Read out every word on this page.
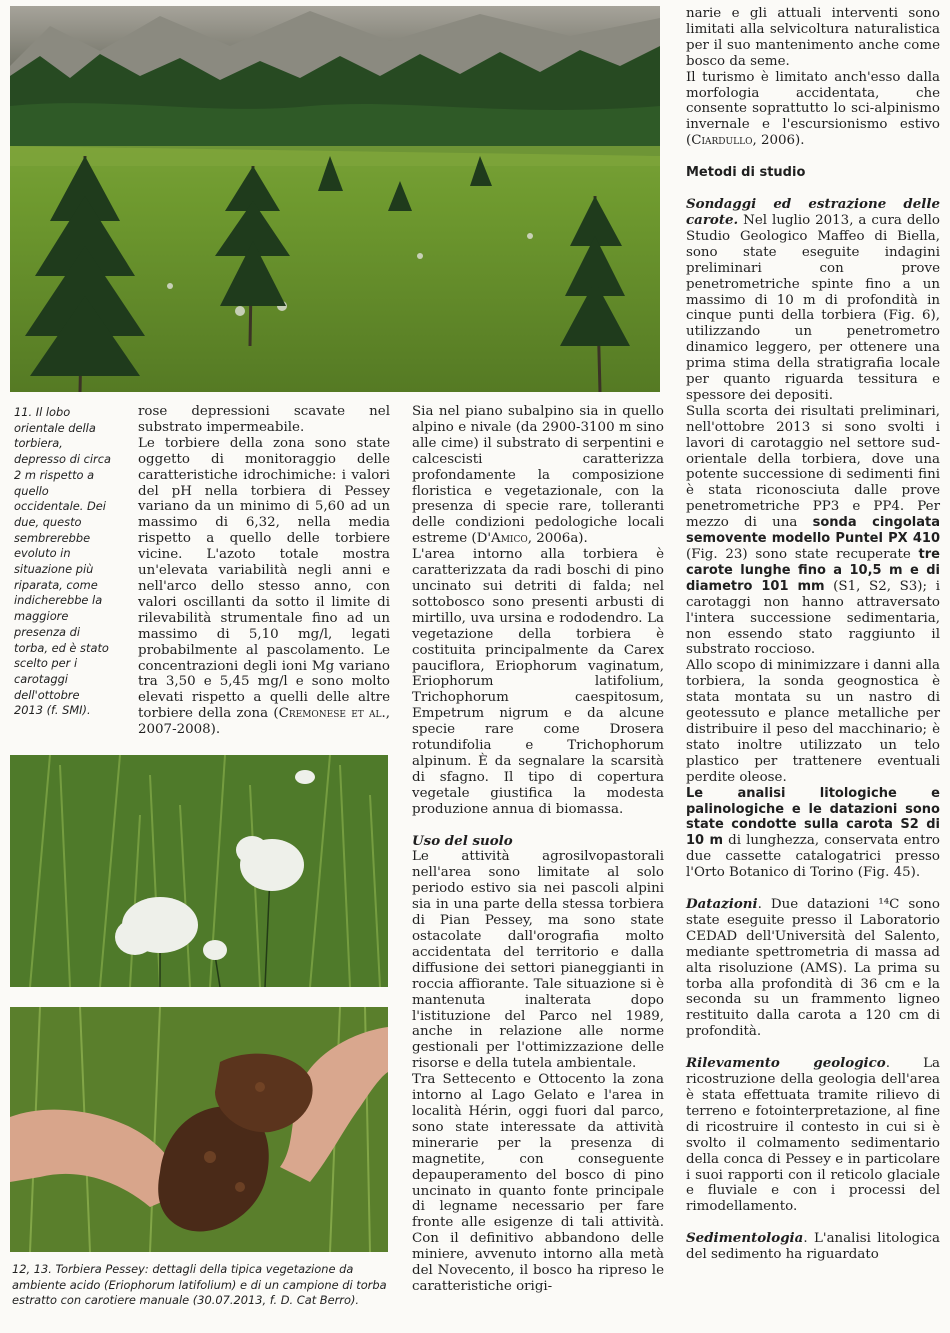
11. Il lobo orientale della torbiera, depresso di circa 2 m rispetto a quello occidentale. Dei due, questo sembrerebbe evoluto in situazione più riparata, come indicherebbe la maggiore presenza di torba, ed è stato scelto per i carotaggi dell'ottobre 2013 (f. SMI).

rose depressioni scavate nel substrato impermeabile.

Le torbiere della zona sono state oggetto di monitoraggio delle caratteristiche idrochimiche: i valori del pH nella torbiera di Pessey variano da un minimo di 5,60 ad un massimo di 6,32, nella media rispetto a quello delle torbiere vicine. L'azoto totale mostra un'elevata variabilità negli anni e nell'arco dello stesso anno, con valori oscillanti da sotto il limite di rilevabilità strumentale fino ad un massimo di 5,10 mg/l, legati probabilmente al pascolamento. Le concentrazioni degli ioni Mg variano tra 3,50 e 5,45 mg/l e sono molto elevati rispetto a quelli delle altre torbiere della zona (Cremonese et al., 2007-2008).

12, 13. Torbiera Pessey: dettagli della tipica vegetazione da ambiente acido (Eriophorum latifolium) e di un campione di torba estratto con carotiere manuale (30.07.2013, f. D. Cat Berro).

Sia nel piano subalpino sia in quello alpino e nivale (da 2900-3100 m sino alle cime) il substrato di serpentini e calcescisti caratterizza profondamente la composizione floristica e vegetazionale, con la presenza di specie rare, tolleranti delle condizioni pedologiche locali estreme (D'Amico, 2006a).

L'area intorno alla torbiera è caratterizzata da radi boschi di pino uncinato sui detriti di falda; nel sottobosco sono presenti arbusti di mirtillo, uva ursina e rododendro. La vegetazione della torbiera è costituita principalmente da Carex pauciflora, Eriophorum vaginatum, Eriophorum latifolium, Trichophorum caespitosum, Empetrum nigrum e da alcune specie rare come Drosera rotundifolia e Trichophorum alpinum. È da segnalare la scarsità di sfagno. Il tipo di copertura vegetale giustifica la modesta produzione annua di biomassa.

Uso del suolo

Le attività agrosilvopastorali nell'area sono limitate al solo periodo estivo sia nei pascoli alpini sia in una parte della stessa torbiera di Pian Pessey, ma sono state ostacolate dall'orografia molto accidentata del territorio e dalla diffusione dei settori pianeggianti in roccia affiorante. Tale situazione si è mantenuta inalterata dopo l'istituzione del Parco nel 1989, anche in relazione alle norme gestionali per l'ottimizzazione delle risorse e della tutela ambientale.

Tra Settecento e Ottocento la zona intorno al Lago Gelato e l'area in località Hérin, oggi fuori dal parco, sono state interessate da attività minerarie per la presenza di magnetite, con conseguente depauperamento del bosco di pino uncinato in quanto fonte principale di legname necessario per fare fronte alle esigenze di tali attività. Con il definitivo abbandono delle miniere, avvenuto intorno alla metà del Novecento, il bosco ha ripreso le caratteristiche origi-

narie e gli attuali interventi sono limitati alla selvicoltura naturalistica per il suo mantenimento anche come bosco da seme.

Il turismo è limitato anch'esso dalla morfologia accidentata, che consente soprattutto lo sci-alpinismo invernale e l'escursionismo estivo (Ciardullo, 2006).

Metodi di studio

Sondaggi ed estrazione delle carote. Nel luglio 2013, a cura dello Studio Geologico Maffeo di Biella, sono state eseguite indagini preliminari con prove penetrometriche spinte fino a un massimo di 10 m di profondità in cinque punti della torbiera (Fig. 6), utilizzando un penetrometro dinamico leggero, per ottenere una prima stima della stratigrafia locale per quanto riguarda tessitura e spessore dei depositi.

Sulla scorta dei risultati preliminari, nell'ottobre 2013 si sono svolti i lavori di carotaggio nel settore sud-orientale della torbiera, dove una potente successione di sedimenti fini è stata riconosciuta dalle prove penetrometriche PP3 e PP4. Per mezzo di una sonda cingolata semovente modello Puntel PX 410 (Fig. 23) sono state recuperate tre carote lunghe fino a 10,5 m e di diametro 101 mm (S1, S2, S3); i carotaggi non hanno attraversato l'intera successione sedimentaria, non essendo stato raggiunto il substrato roccioso.

Allo scopo di minimizzare i danni alla torbiera, la sonda geognostica è stata montata su un nastro di geotessuto e plance metalliche per distribuire il peso del macchinario; è stato inoltre utilizzato un telo plastico per trattenere eventuali perdite oleose.

Le analisi litologiche e palinologiche e le datazioni sono state condotte sulla carota S2 di 10 m di lunghezza, conservata entro due cassette catalogatrici presso l'Orto Botanico di Torino (Fig. 45).

Datazioni. Due datazioni ¹⁴C sono state eseguite presso il Laboratorio CEDAD dell'Università del Salento, mediante spettrometria di massa ad alta risoluzione (AMS). La prima su torba alla profondità di 36 cm e la seconda su un frammento ligneo restituito dalla carota a 120 cm di profondità.

Rilevamento geologico. La ricostruzione della geologia dell'area è stata effettuata tramite rilievo di terreno e fotointerpretazione, al fine di ricostruire il contesto in cui si è svolto il colmamento sedimentario della conca di Pessey e in particolare i suoi rapporti con il reticolo glaciale e fluviale e con i processi del rimodellamento.

Sedimentologia. L'analisi litologica del sedimento ha riguardato
